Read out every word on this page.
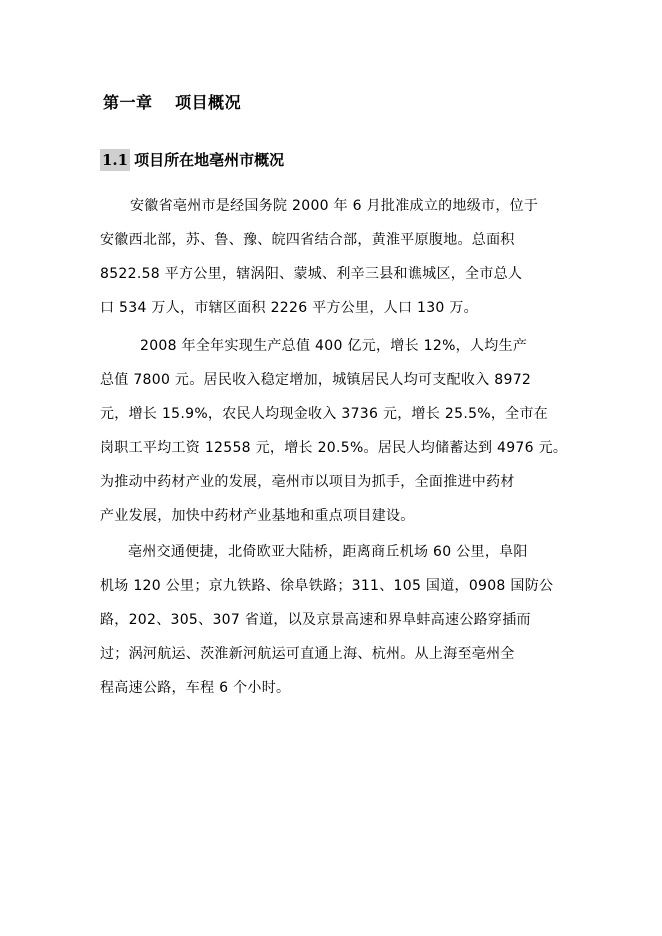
第一章　 项目概况
1.1 项目所在地亳州市概况
安徽省亳州市是经国务院 2000 年 6 月批准成立的地级市，位于
安徽西北部，苏、鲁、豫、皖四省结合部，黄淮平原腹地。总面积
8522.58 平方公里，辖涡阳、蒙城、利辛三县和谯城区，全市总人
口 534 万人，市辖区面积 2226 平方公里，人口 130 万。
2008 年全年实现生产总值 400 亿元，增长 12%，人均生产
总值 7800 元。居民收入稳定增加，城镇居民人均可支配收入 8972
元，增长 15.9%，农民人均现金收入 3736 元，增长 25.5%，全市在
岗职工平均工资 12558 元，增长 20.5%。居民人均储蓄达到 4976 元。
为推动中药材产业的发展，亳州市以项目为抓手，全面推进中药材
产业发展，加快中药材产业基地和重点项目建设。
亳州交通便捷，北倚欧亚大陆桥，距离商丘机场 60 公里，阜阳
机场 120 公里；京九铁路、徐阜铁路；311、105 国道，0908 国防公
路，202、305、307 省道，以及京景高速和界阜蚌高速公路穿插而
过；涡河航运、茨淮新河航运可直通上海、杭州。从上海至亳州全
程高速公路，车程 6 个小时。
